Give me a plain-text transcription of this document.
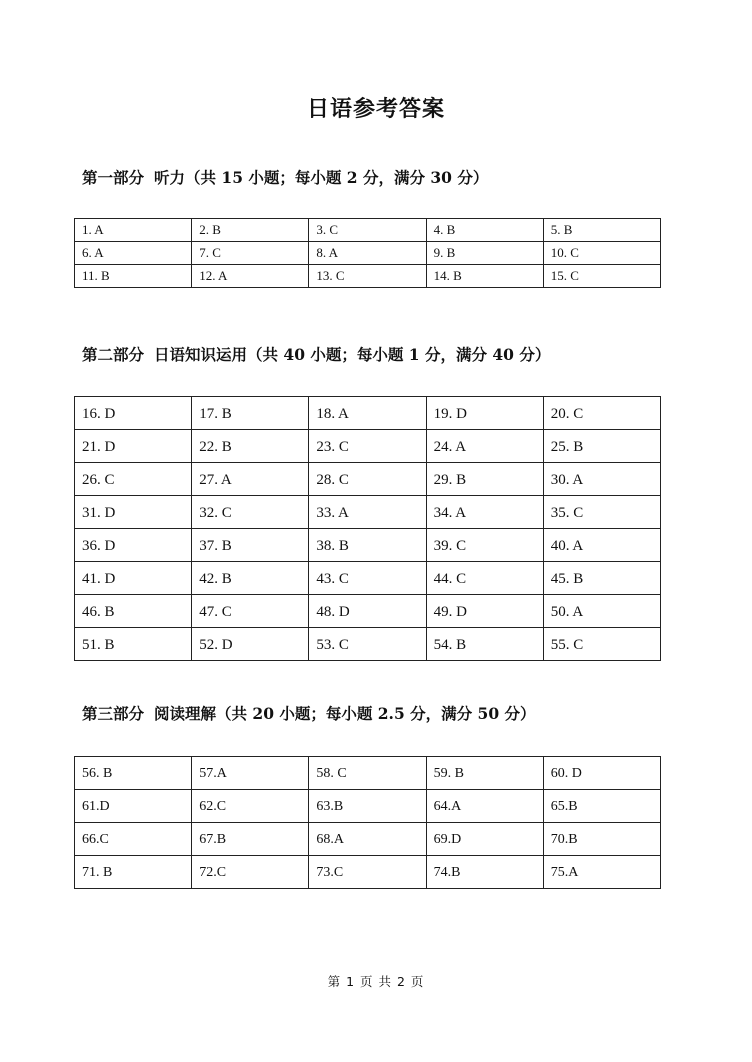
日语参考答案
第一部分 听力（共 15 小题；每小题 2 分，满分 30 分）
1. A	2. B	3. C	4. B	5. B
6. A	7. C	8. A	9. B	10. C
11. B	12. A	13. C	14. B	15. C
第二部分 日语知识运用（共 40 小题；每小题 1 分，满分 40 分）
16. D	17. B	18. A	19. D	20. C
21. D	22. B	23. C	24. A	25. B
26. C	27. A	28. C	29. B	30. A
31. D	32. C	33. A	34. A	35. C
36. D	37. B	38. B	39. C	40. A
41. D	42. B	43. C	44. C	45. B
46. B	47. C	48. D	49. D	50. A
51. B	52. D	53. C	54. B	55. C
第三部分 阅读理解（共 20 小题；每小题 2.5 分，满分 50 分）
56. B	57.A	58. C	59. B	60. D
61.D	62.C	63.B	64.A	65.B
66.C	67.B	68.A	69.D	70.B
71. B	72.C	73.C	74.B	75.A
第 1 页 共 2 页
